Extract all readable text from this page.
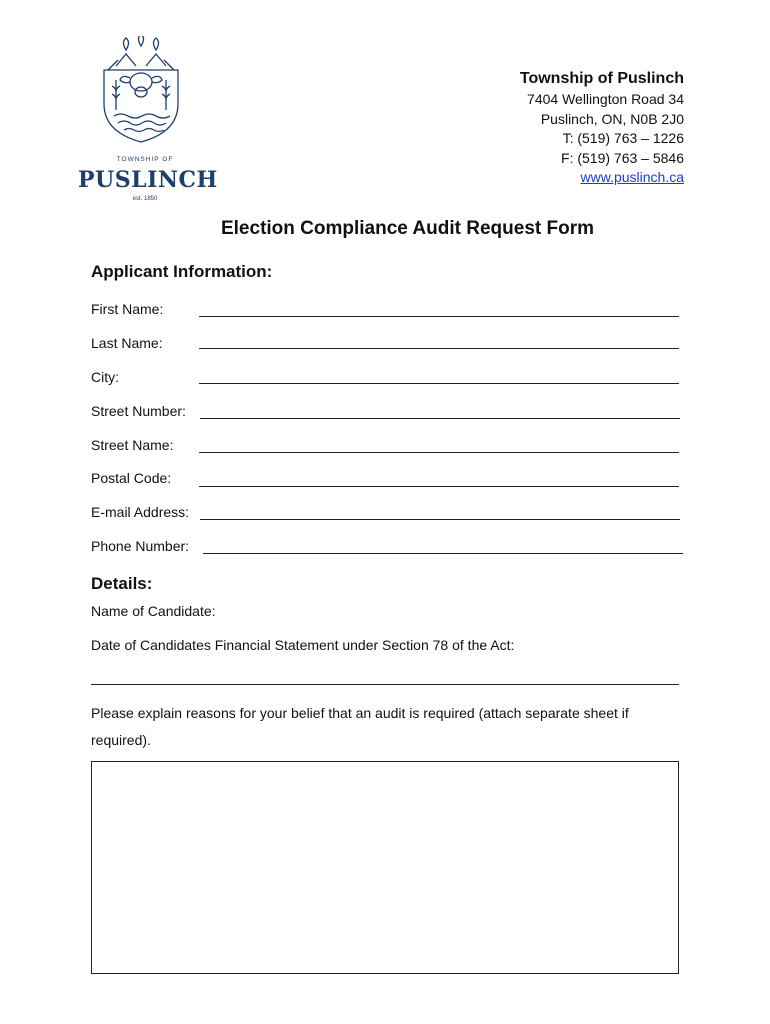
TOWNSHIP OF
PUSLINCH
est. 1850
Township of Puslinch
7404 Wellington Road 34
Puslinch, ON, N0B 2J0
T: (519) 763 – 1226
F: (519) 763 – 5846
www.puslinch.ca
Election Compliance Audit Request Form
Applicant Information:
First Name:
Last Name:
City:
Street Number:
Street Name:
Postal Code:
E-mail Address:
Phone Number:
Details:
Name of Candidate:
Date of Candidates Financial Statement under Section 78 of the Act:
Please explain reasons for your belief that an audit is required (attach separate sheet if
required).
